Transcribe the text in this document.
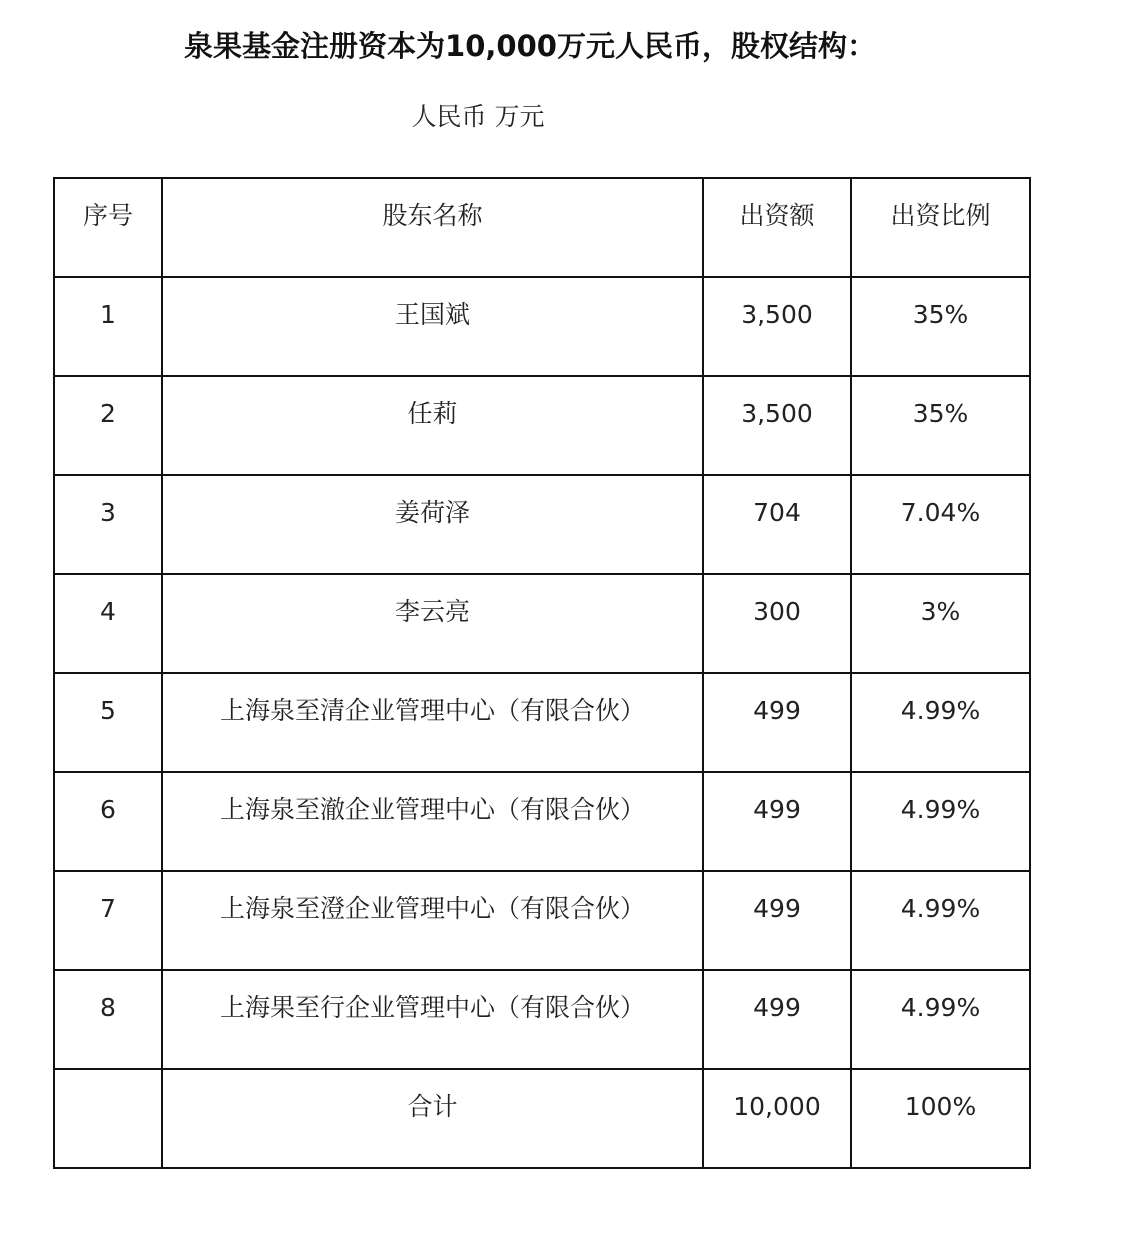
泉果基金注册资本为10,000万元人民币，股权结构：
人民币 万元
序号	股东名称	出资额	出资比例

1	王国斌	3,500	35%

2	任莉	3,500	35%

3	姜荷泽	704	7.04%

4	李云亮	300	3%

5	上海泉至清企业管理中心（有限合伙）	499	4.99%

6	上海泉至澈企业管理中心（有限合伙）	499	4.99%

7	上海泉至澄企业管理中心（有限合伙）	499	4.99%

8	上海果至行企业管理中心（有限合伙）	499	4.99%

	合计	10,000	100%
